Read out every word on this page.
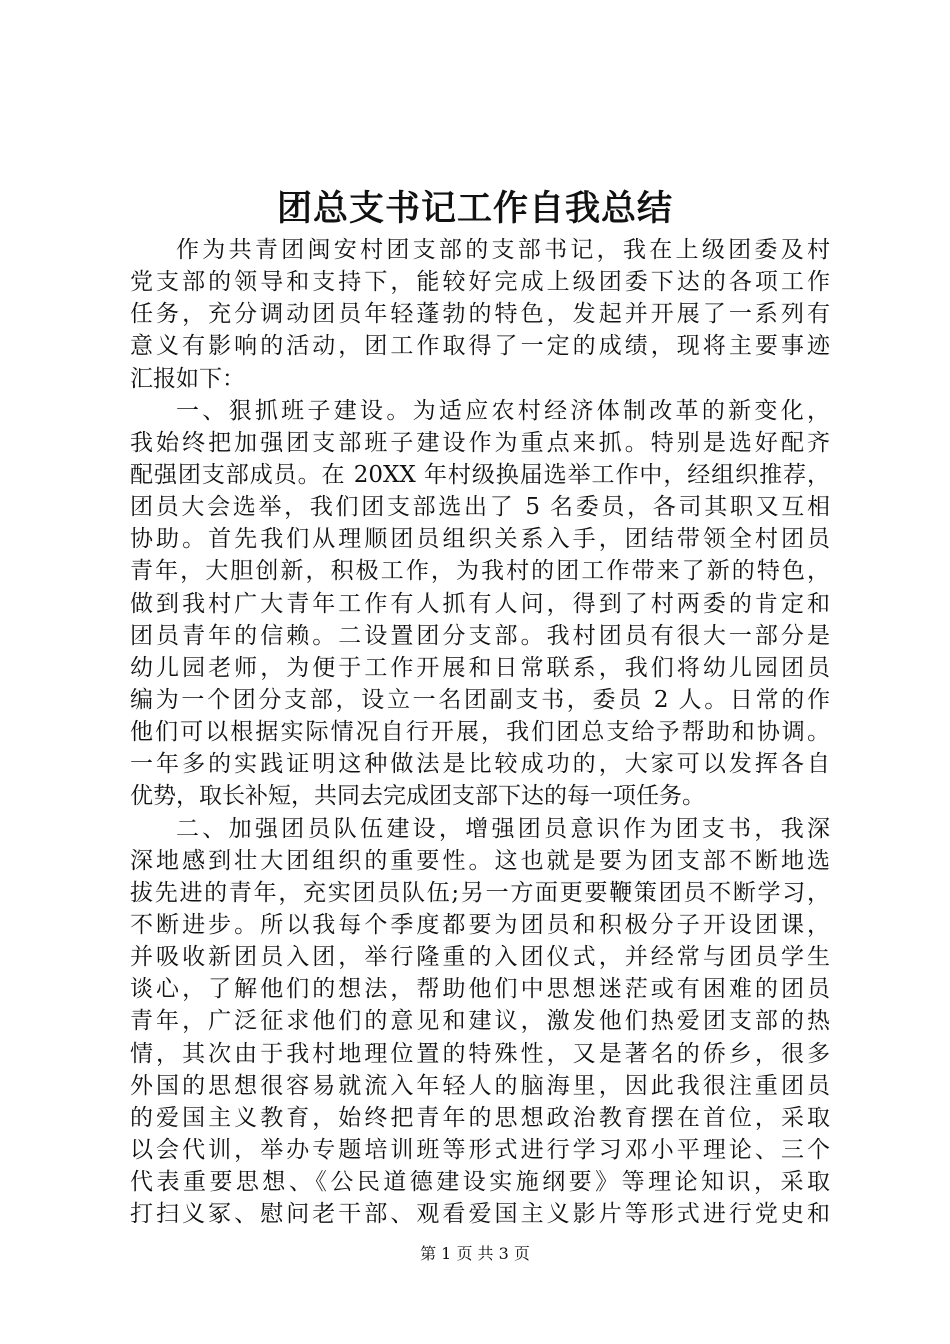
团总支书记工作自我总结
作为共青团闽安村团支部的支部书记，我在上级团委及村
党支部的领导和支持下，能较好完成上级团委下达的各项工作
任务，充分调动团员年轻蓬勃的特色，发起并开展了一系列有
意义有影响的活动，团工作取得了一定的成绩，现将主要事迹
汇报如下：
一、狠抓班子建设。为适应农村经济体制改革的新变化，
我始终把加强团支部班子建设作为重点来抓。特别是选好配齐
配强团支部成员。在 20XX 年村级换届选举工作中，经组织推荐，
团员大会选举，我们团支部选出了 5 名委员，各司其职又互相
协助。首先我们从理顺团员组织关系入手，团结带领全村团员
青年，大胆创新，积极工作，为我村的团工作带来了新的特色，
做到我村广大青年工作有人抓有人问，得到了村两委的肯定和
团员青年的信赖。二设置团分支部。我村团员有很大一部分是
幼儿园老师，为便于工作开展和日常联系，我们将幼儿园团员
编为一个团分支部，设立一名团副支书，委员 2 人。日常的作
他们可以根据实际情况自行开展，我们团总支给予帮助和协调。
一年多的实践证明这种做法是比较成功的，大家可以发挥各自
优势，取长补短，共同去完成团支部下达的每一项任务。
二、加强团员队伍建设，增强团员意识作为团支书，我深
深地感到壮大团组织的重要性。这也就是要为团支部不断地选
拔先进的青年，充实团员队伍;另一方面更要鞭策团员不断学习，
不断进步。所以我每个季度都要为团员和积极分子开设团课，
并吸收新团员入团，举行隆重的入团仪式，并经常与团员学生
谈心，了解他们的想法，帮助他们中思想迷茫或有困难的团员
青年，广泛征求他们的意见和建议，激发他们热爱团支部的热
情，其次由于我村地理位置的特殊性，又是著名的侨乡，很多
外国的思想很容易就流入年轻人的脑海里，因此我很注重团员
的爱国主义教育，始终把青年的思想政治教育摆在首位，采取
以会代训，举办专题培训班等形式进行学习邓小平理论、三个
代表重要思想、《公民道德建设实施纲要》等理论知识，采取
打扫义冢、慰问老干部、观看爱国主义影片等形式进行党史和
第 1 页 共 3 页
